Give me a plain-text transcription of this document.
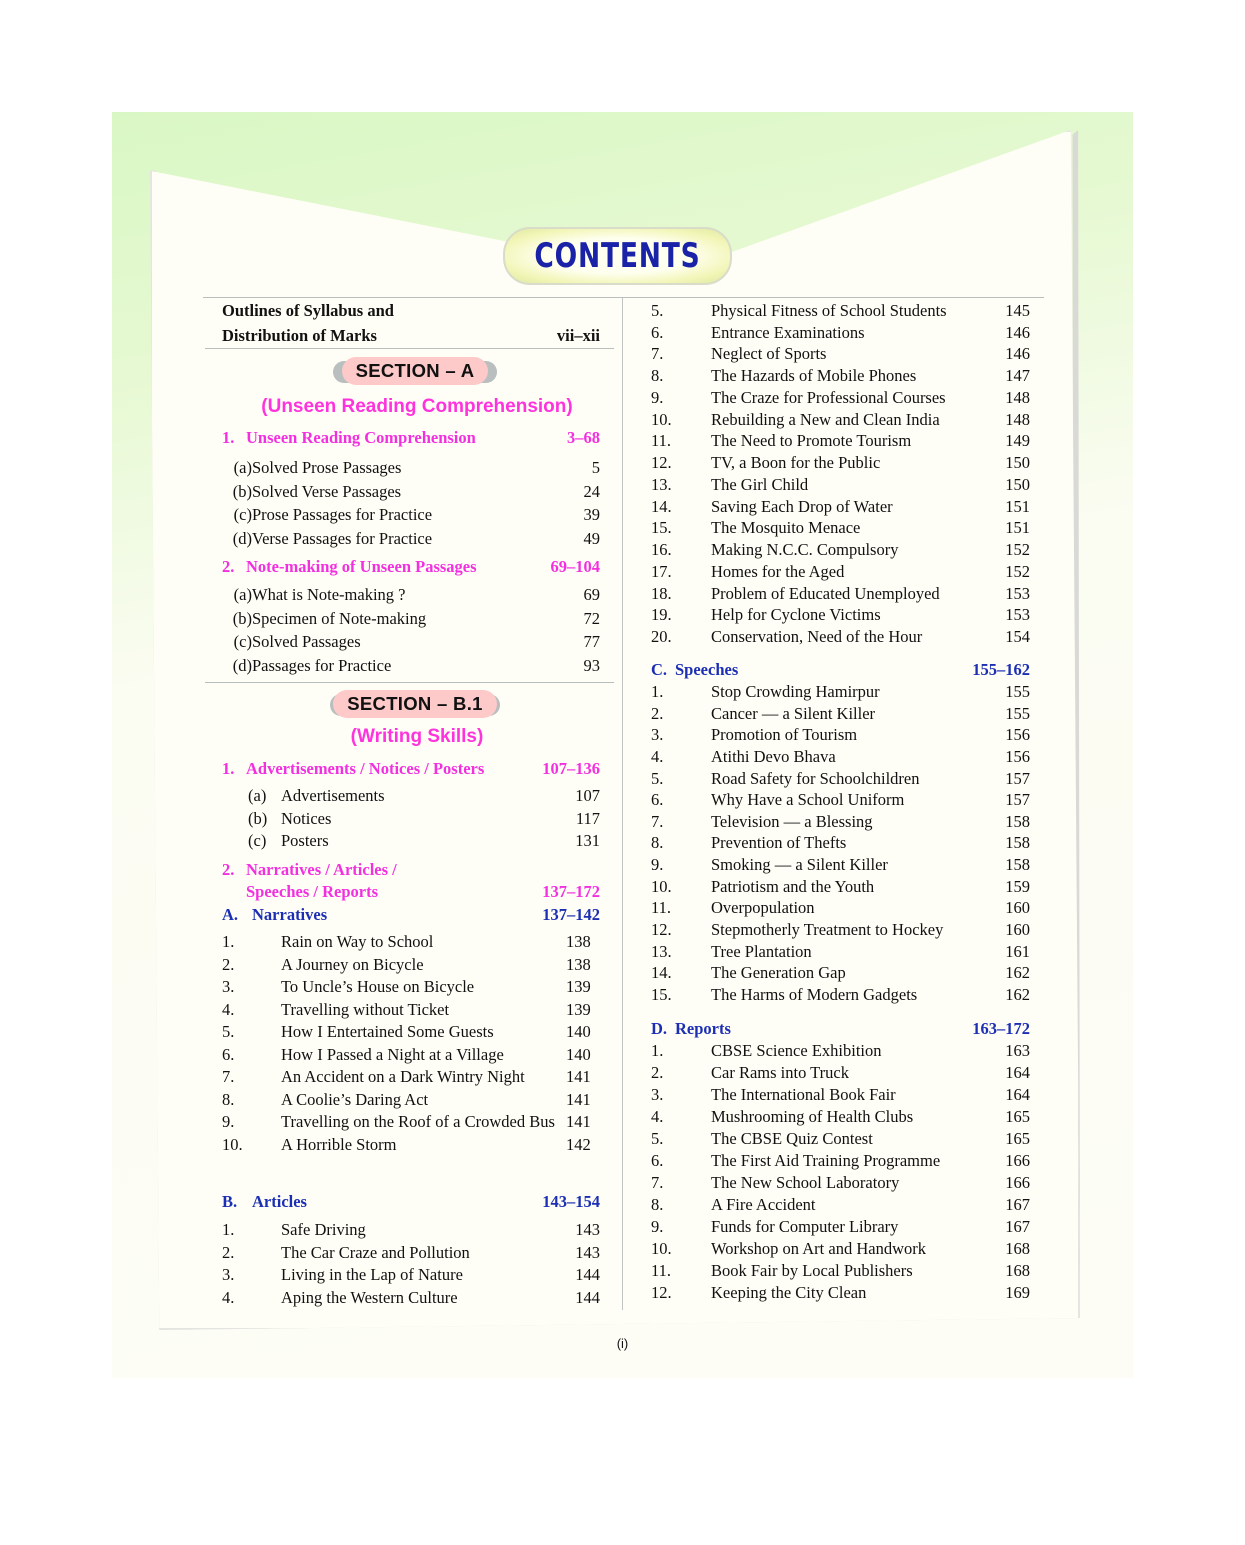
CONTENTS
Outlines of Syllabus and
Distribution of Marks	vii–xii
SECTION – A
(Unseen Reading Comprehension)
1. Unseen Reading Comprehension	3–68
(a) Solved Prose Passages	5
(b) Solved Verse Passages	24
(c) Prose Passages for Practice	39
(d) Verse Passages for Practice	49
2. Note-making of Unseen Passages	69–104
(a) What is Note-making ?	69
(b) Specimen of Note-making	72
(c) Solved Passages	77
(d) Passages for Practice	93
SECTION – B.1
(Writing Skills)
1. Advertisements / Notices / Posters	107–136
(a) Advertisements	107
(b) Notices	117
(c) Posters	131
2. Narratives / Articles /
Speeches / Reports	137–172
A. Narratives	137–142
1.	Rain on Way to School	138
2.	A Journey on Bicycle	138
3.	To Uncle’s House on Bicycle	139
4.	Travelling without Ticket	139
5.	How I Entertained Some Guests	140
6.	How I Passed a Night at a Village	140
7.	An Accident on a Dark Wintry Night	141
8.	A Coolie’s Daring Act	141
9.	Travelling on the Roof of a Crowded Bus 141
10.	A Horrible Storm	142
B. Articles	143–154
1.	Safe Driving	143
2.	The Car Craze and Pollution	143
3.	Living in the Lap of Nature	144
4.	Aping the Western Culture	144
5.	Physical Fitness of School Students	145
6.	Entrance Examinations	146
7.	Neglect of Sports	146
8.	The Hazards of Mobile Phones	147
9.	The Craze for Professional Courses	148
10.	Rebuilding a New and Clean India	148
11.	The Need to Promote Tourism	149
12.	TV, a Boon for the Public	150
13.	The Girl Child	150
14.	Saving Each Drop of Water	151
15.	The Mosquito Menace	151
16.	Making N.C.C. Compulsory	152
17.	Homes for the Aged	152
18.	Problem of Educated Unemployed	153
19.	Help for Cyclone Victims	153
20.	Conservation, Need of the Hour	154
C. Speeches	155–162
1.	Stop Crowding Hamirpur	155
2.	Cancer — a Silent Killer	155
3.	Promotion of Tourism	156
4.	Atithi Devo Bhava	156
5.	Road Safety for Schoolchildren	157
6.	Why Have a School Uniform	157
7.	Television — a Blessing	158
8.	Prevention of Thefts	158
9.	Smoking — a Silent Killer	158
10.	Patriotism and the Youth	159
11.	Overpopulation	160
12.	Stepmotherly Treatment to Hockey	160
13.	Tree Plantation	161
14.	The Generation Gap	162
15.	The Harms of Modern Gadgets	162
D. Reports	163–172
1.	CBSE Science Exhibition	163
2.	Car Rams into Truck	164
3.	The International Book Fair	164
4.	Mushrooming of Health Clubs	165
5.	The CBSE Quiz Contest	165
6.	The First Aid Training Programme	166
7.	The New School Laboratory	166
8.	A Fire Accident	167
9.	Funds for Computer Library	167
10.	Workshop on Art and Handwork	168
11.	Book Fair by Local Publishers	168
12.	Keeping the City Clean	169
(i)
